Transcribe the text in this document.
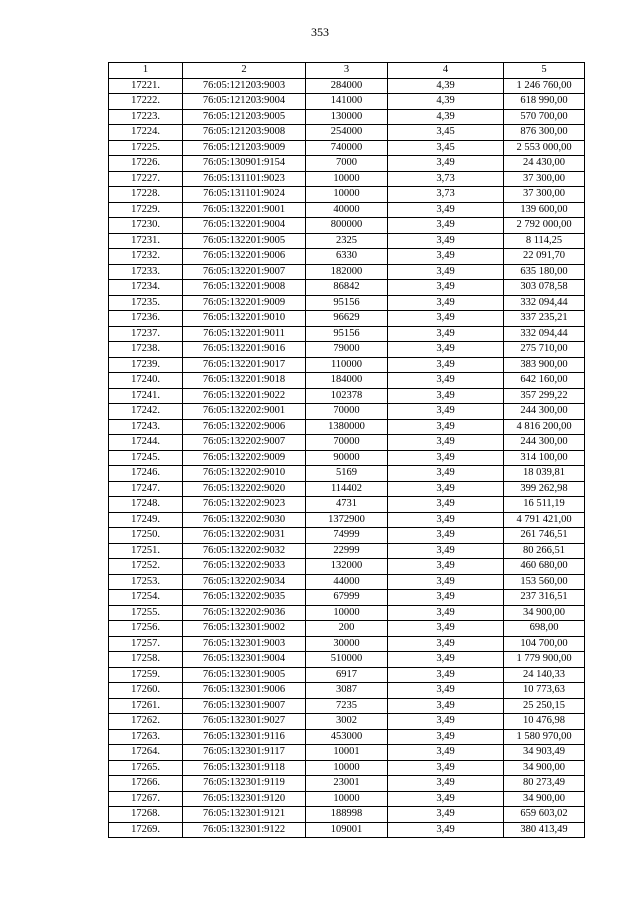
353
1	2	3	4	5
17221.	76:05:121203:9003	284000	4,39	1 246 760,00
17222.	76:05:121203:9004	141000	4,39	618 990,00
17223.	76:05:121203:9005	130000	4,39	570 700,00
17224.	76:05:121203:9008	254000	3,45	876 300,00
17225.	76:05:121203:9009	740000	3,45	2 553 000,00
17226.	76:05:130901:9154	7000	3,49	24 430,00
17227.	76:05:131101:9023	10000	3,73	37 300,00
17228.	76:05:131101:9024	10000	3,73	37 300,00
17229.	76:05:132201:9001	40000	3,49	139 600,00
17230.	76:05:132201:9004	800000	3,49	2 792 000,00
17231.	76:05:132201:9005	2325	3,49	8 114,25
17232.	76:05:132201:9006	6330	3,49	22 091,70
17233.	76:05:132201:9007	182000	3,49	635 180,00
17234.	76:05:132201:9008	86842	3,49	303 078,58
17235.	76:05:132201:9009	95156	3,49	332 094,44
17236.	76:05:132201:9010	96629	3,49	337 235,21
17237.	76:05:132201:9011	95156	3,49	332 094,44
17238.	76:05:132201:9016	79000	3,49	275 710,00
17239.	76:05:132201:9017	110000	3,49	383 900,00
17240.	76:05:132201:9018	184000	3,49	642 160,00
17241.	76:05:132201:9022	102378	3,49	357 299,22
17242.	76:05:132202:9001	70000	3,49	244 300,00
17243.	76:05:132202:9006	1380000	3,49	4 816 200,00
17244.	76:05:132202:9007	70000	3,49	244 300,00
17245.	76:05:132202:9009	90000	3,49	314 100,00
17246.	76:05:132202:9010	5169	3,49	18 039,81
17247.	76:05:132202:9020	114402	3,49	399 262,98
17248.	76:05:132202:9023	4731	3,49	16 511,19
17249.	76:05:132202:9030	1372900	3,49	4 791 421,00
17250.	76:05:132202:9031	74999	3,49	261 746,51
17251.	76:05:132202:9032	22999	3,49	80 266,51
17252.	76:05:132202:9033	132000	3,49	460 680,00
17253.	76:05:132202:9034	44000	3,49	153 560,00
17254.	76:05:132202:9035	67999	3,49	237 316,51
17255.	76:05:132202:9036	10000	3,49	34 900,00
17256.	76:05:132301:9002	200	3,49	698,00
17257.	76:05:132301:9003	30000	3,49	104 700,00
17258.	76:05:132301:9004	510000	3,49	1 779 900,00
17259.	76:05:132301:9005	6917	3,49	24 140,33
17260.	76:05:132301:9006	3087	3,49	10 773,63
17261.	76:05:132301:9007	7235	3,49	25 250,15
17262.	76:05:132301:9027	3002	3,49	10 476,98
17263.	76:05:132301:9116	453000	3,49	1 580 970,00
17264.	76:05:132301:9117	10001	3,49	34 903,49
17265.	76:05:132301:9118	10000	3,49	34 900,00
17266.	76:05:132301:9119	23001	3,49	80 273,49
17267.	76:05:132301:9120	10000	3,49	34 900,00
17268.	76:05:132301:9121	188998	3,49	659 603,02
17269.	76:05:132301:9122	109001	3,49	380 413,49
